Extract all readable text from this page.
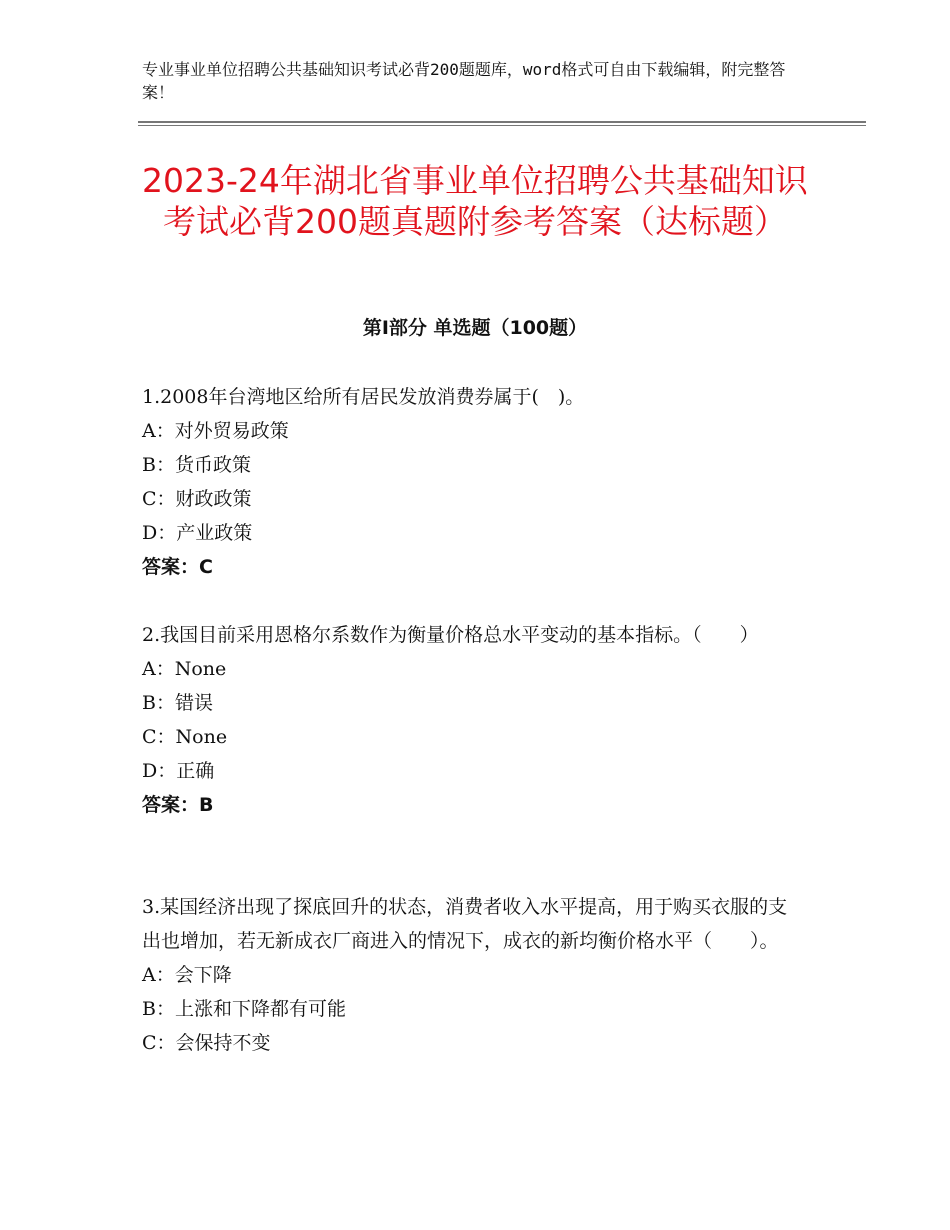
专业事业单位招聘公共基础知识考试必背200题题库，word格式可自由下载编辑，附完整答案！
2023-24年湖北省事业单位招聘公共基础知识考试必背200题真题附参考答案（达标题）
第Ⅰ部分 单选题（100题）

1.2008年台湾地区给所有居民发放消费券属于(　)。

A：对外贸易政策

B：货币政策

C：财政政策

D：产业政策

答案：C

2.我国目前采用恩格尔系数作为衡量价格总水平变动的基本指标。（　　）

A：None

B：错误

C：None

D：正确

答案：B

3.某国经济出现了探底回升的状态，消费者收入水平提高，用于购买衣服的支出也增加，若无新成衣厂商进入的情况下，成衣的新均衡价格水平（　　）。

A：会下降

B：上涨和下降都有可能

C：会保持不变
